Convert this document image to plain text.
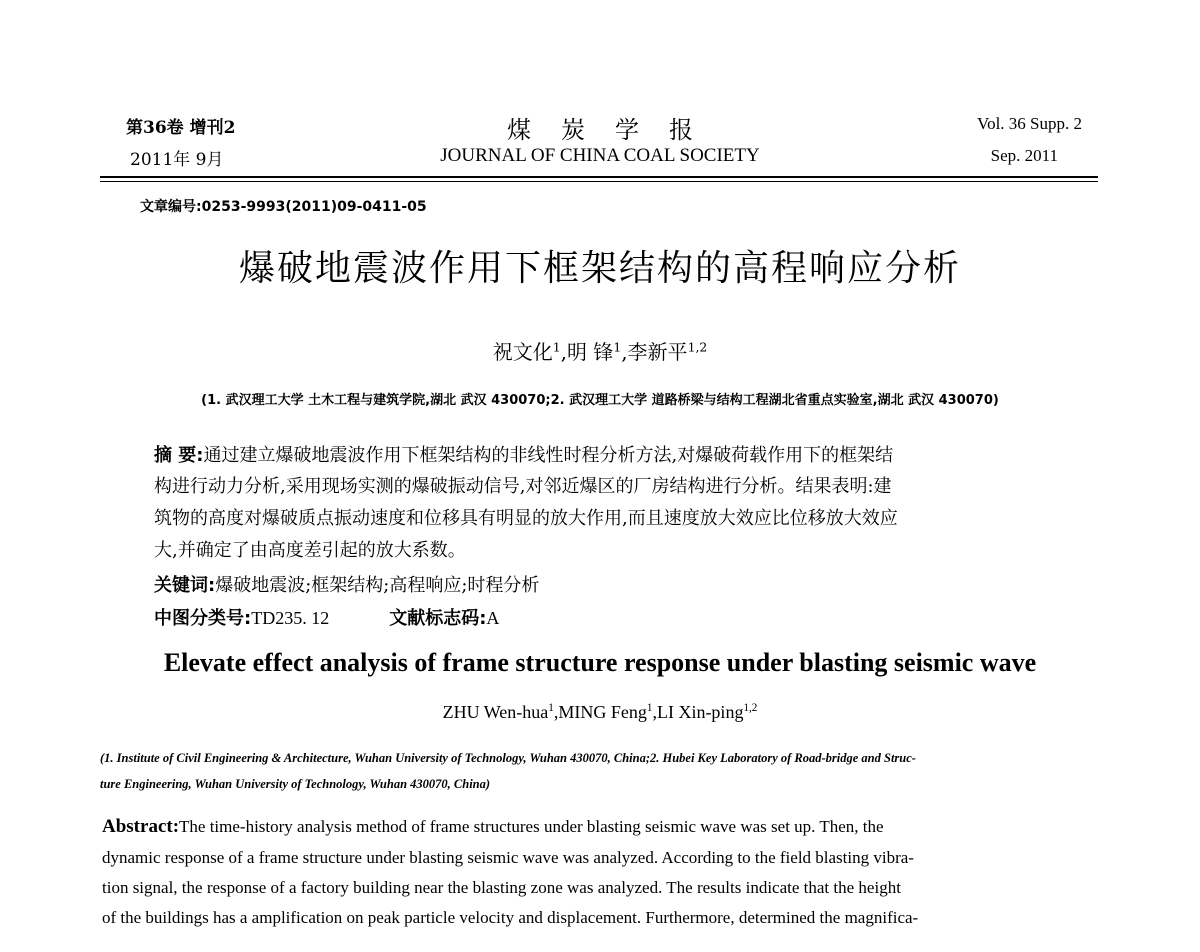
第36卷 增刊2
2011年 9月
煤炭学报
JOURNAL OF CHINA COAL SOCIETY
Vol. 36 Supp. 2
Sep. 2011
文章编号:0253-9993(2011)09-0411-05
爆破地震波作用下框架结构的高程响应分析
祝文化$^1$,明 锋$^1$,李新平$^{1,2}$
(1. 武汉理工大学 土木工程与建筑学院,湖北 武汉 430070;2. 武汉理工大学 道路桥梁与结构工程湖北省重点实验室,湖北 武汉 430070)
摘 要:通过建立爆破地震波作用下框架结构的非线性时程分析方法,对爆破荷载作用下的框架结
构进行动力分析,采用现场实测的爆破振动信号,对邻近爆区的厂房结构进行分析。结果表明:建
筑物的高度对爆破质点振动速度和位移具有明显的放大作用,而且速度放大效应比位移放大效应
大,并确定了由高度差引起的放大系数。
关键词:爆破地震波;框架结构;高程响应;时程分析
中图分类号:TD235. 12	文献标志码:A
Elevate effect analysis of frame structure response under blasting seismic wave
ZHU Wen-hua$^1$,MING Feng$^1$,LI Xin-ping$^{1,2}$
(1. Institute of Civil Engineering & Architecture, Wuhan University of Technology, Wuhan 430070, China;2. Hubei Key Laboratory of Road-bridge and Struc-
ture Engineering, Wuhan University of Technology, Wuhan 430070, China)
Abstract:The time-history analysis method of frame structures under blasting seismic wave was set up. Then, the
dynamic response of a frame structure under blasting seismic wave was analyzed. According to the field blasting vibra-
tion signal, the response of a factory building near the blasting zone was analyzed. The results indicate that the height
of the buildings has a amplification on peak particle velocity and displacement. Furthermore, determined the magnifica-
